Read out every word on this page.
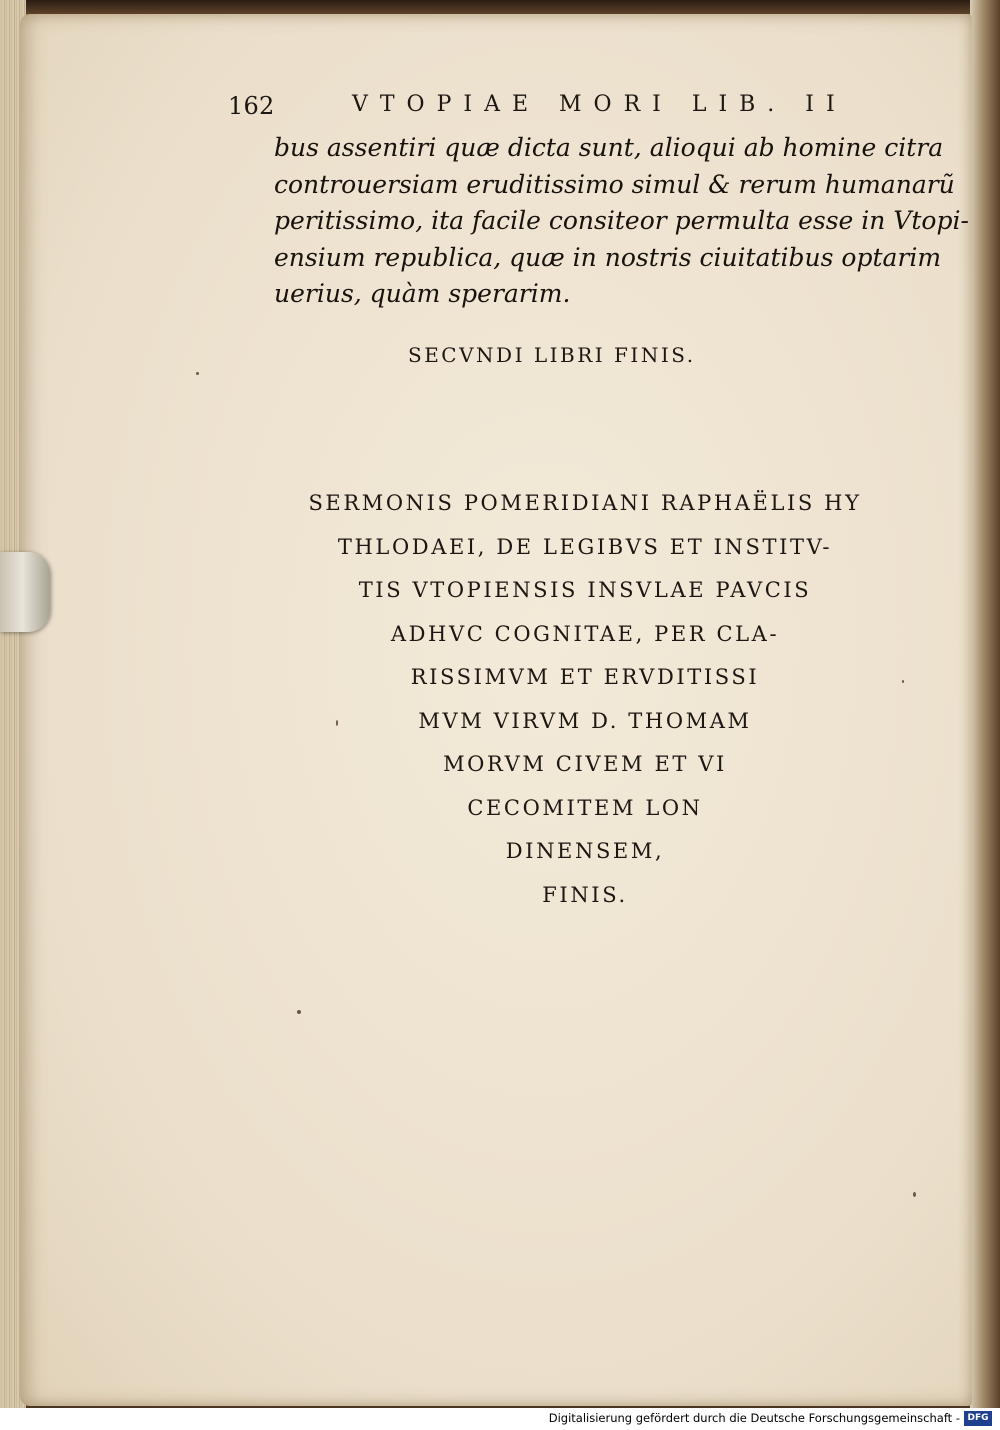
162	VTOPIAE MORI LIB. II
bus assentiri quæ dicta sunt, alioqui ab homine citra
controuersiam eruditissimo simul & rerum humanarũ
peritissimo, ita facile consiteor permulta esse in Vtopi-
ensium republica, quæ in nostris ciuitatibus optarim
uerius, quàm sperarim.
SECVNDI LIBRI FINIS.
SERMONIS POMERIDIANI RAPHAËLIS HY
THLODAEI, DE LEGIBVS ET INSTITV-
TIS VTOPIENSIS INSVLAE PAVCIS
ADHVC COGNITAE, PER CLA-
RISSIMVM ET ERVDITISSI
MVM VIRVM D. THOMAM
MORVM CIVEM ET VI
CECOMITEM LON
DINENSEM,
FINIS.
Digitalisierung gefördert durch die Deutsche Forschungsgemeinschaft - DFG
